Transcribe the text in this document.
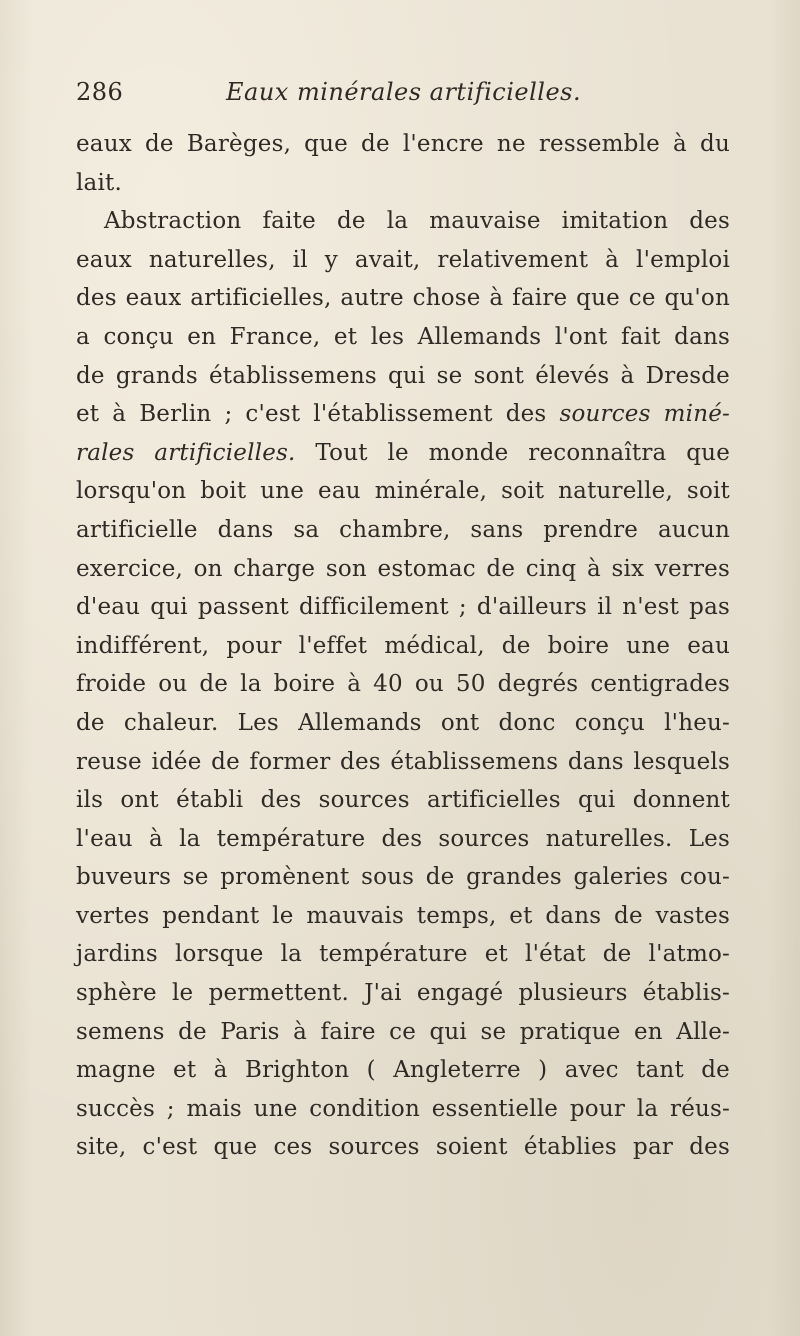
286	Eaux minérales artificielles.
eaux de Barèges, que de l'encre ne ressemble à du
lait.
Abstraction faite de la mauvaise imitation des
eaux naturelles, il y avait, relativement à l'emploi
des eaux artificielles, autre chose à faire que ce qu'on
a conçu en France, et les Allemands l'ont fait dans
de grands établissemens qui se sont élevés à Dresde
et à Berlin ; c'est l'établissement des sources miné-
rales artificielles. Tout le monde reconnaîtra que
lorsqu'on boit une eau minérale, soit naturelle, soit
artificielle dans sa chambre, sans prendre aucun
exercice, on charge son estomac de cinq à six verres
d'eau qui passent difficilement ; d'ailleurs il n'est pas
indifférent, pour l'effet médical, de boire une eau
froide ou de la boire à 40 ou 50 degrés centigrades
de chaleur. Les Allemands ont donc conçu l'heu-
reuse idée de former des établissemens dans lesquels
ils ont établi des sources artificielles qui donnent
l'eau à la température des sources naturelles. Les
buveurs se promènent sous de grandes galeries cou-
vertes pendant le mauvais temps, et dans de vastes
jardins lorsque la température et l'état de l'atmo-
sphère le permettent. J'ai engagé plusieurs établis-
semens de Paris à faire ce qui se pratique en Alle-
magne et à Brighton ( Angleterre ) avec tant de
succès ; mais une condition essentielle pour la réus-
site, c'est que ces sources soient établies par des
